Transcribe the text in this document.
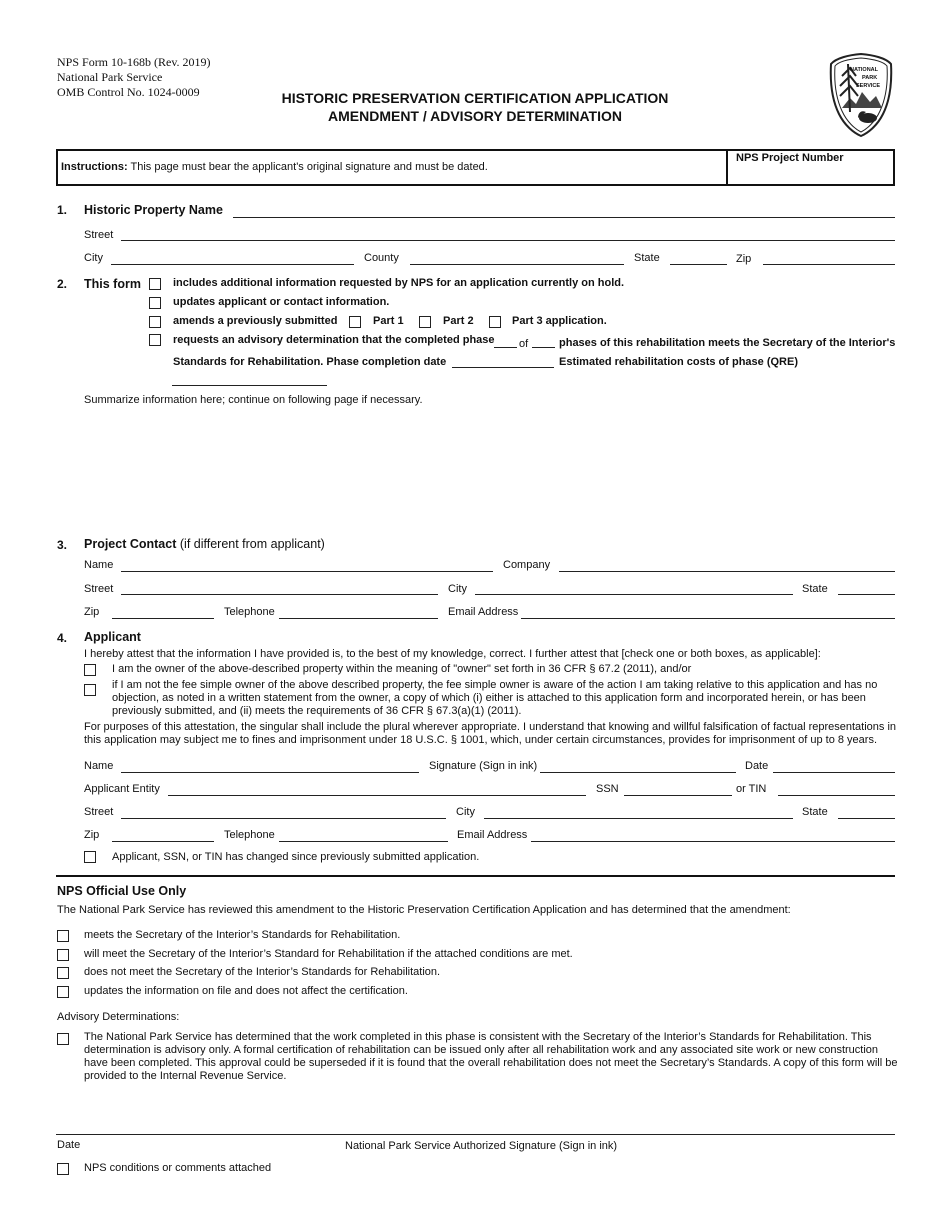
NPS Form 10-168b (Rev. 2019)
National Park Service
OMB Control No. 1024-0009	HISTORIC PRESERVATION CERTIFICATION APPLICATION
AMENDMENT / ADVISORY DETERMINATION
NATIONAL
PARK
SERVICE
Instructions: This page must bear the applicant's original signature and must be dated.
NPS Project Number
1. Historic Property Name
Street
City	County	State	Zip
2. This form	includes additional information requested by NPS for an application currently on hold.
updates applicant or contact information.
amends a previously submitted	Part 1	Part 2	Part 3 application.
requests an advisory determination that the completed phase of	phases of this rehabilitation meets the Secretary of the Interior's
Standards for Rehabilitation. Phase completion date	Estimated rehabilitation costs of phase (QRE)
Summarize information here; continue on following page if necessary.
3. Project Contact (if different from applicant)
Name	Company
Street	City	State
Zip	Telephone	Email Address
4. Applicant
I hereby attest that the information I have provided is, to the best of my knowledge, correct. I further attest that [check one or both boxes, as applicable]:
I am the owner of the above-described property within the meaning of "owner" set forth in 36 CFR § 67.2 (2011), and/or
if I am not the fee simple owner of the above described property, the fee simple owner is aware of the action I am taking relative to this application and has no
objection, as noted in a written statement from the owner, a copy of which (i) either is attached to this application form and incorporated herein, or has been
previously submitted, and (ii) meets the requirements of 36 CFR § 67.3(a)(1) (2011).
For purposes of this attestation, the singular shall include the plural wherever appropriate. I understand that knowing and willful falsification of factual representations in
this application may subject me to fines and imprisonment under 18 U.S.C. § 1001, which, under certain circumstances, provides for imprisonment of up to 8 years.
Name	Signature (Sign in ink)	Date
Applicant Entity	SSN	or TIN
Street	City	State
Zip	Telephone	Email Address
Applicant, SSN, or TIN has changed since previously submitted application.
NPS Official Use Only
The National Park Service has reviewed this amendment to the Historic Preservation Certification Application and has determined that the amendment:
meets the Secretary of the Interior’s Standards for Rehabilitation.
will meet the Secretary of the Interior’s Standard for Rehabilitation if the attached conditions are met.
does not meet the Secretary of the Interior’s Standards for Rehabilitation.
updates the information on file and does not affect the certification.
Advisory Determinations:
The National Park Service has determined that the work completed in this phase is consistent with the Secretary of the Interior’s Standards for Rehabilitation. This
determination is advisory only. A formal certification of rehabilitation can be issued only after all rehabilitation work and any associated site work or new construction
have been completed. This approval could be superseded if it is found that the overall rehabilitation does not meet the Secretary’s Standards. A copy of this form will be
provided to the Internal Revenue Service.
Date	National Park Service Authorized Signature (Sign in ink)
NPS conditions or comments attached
